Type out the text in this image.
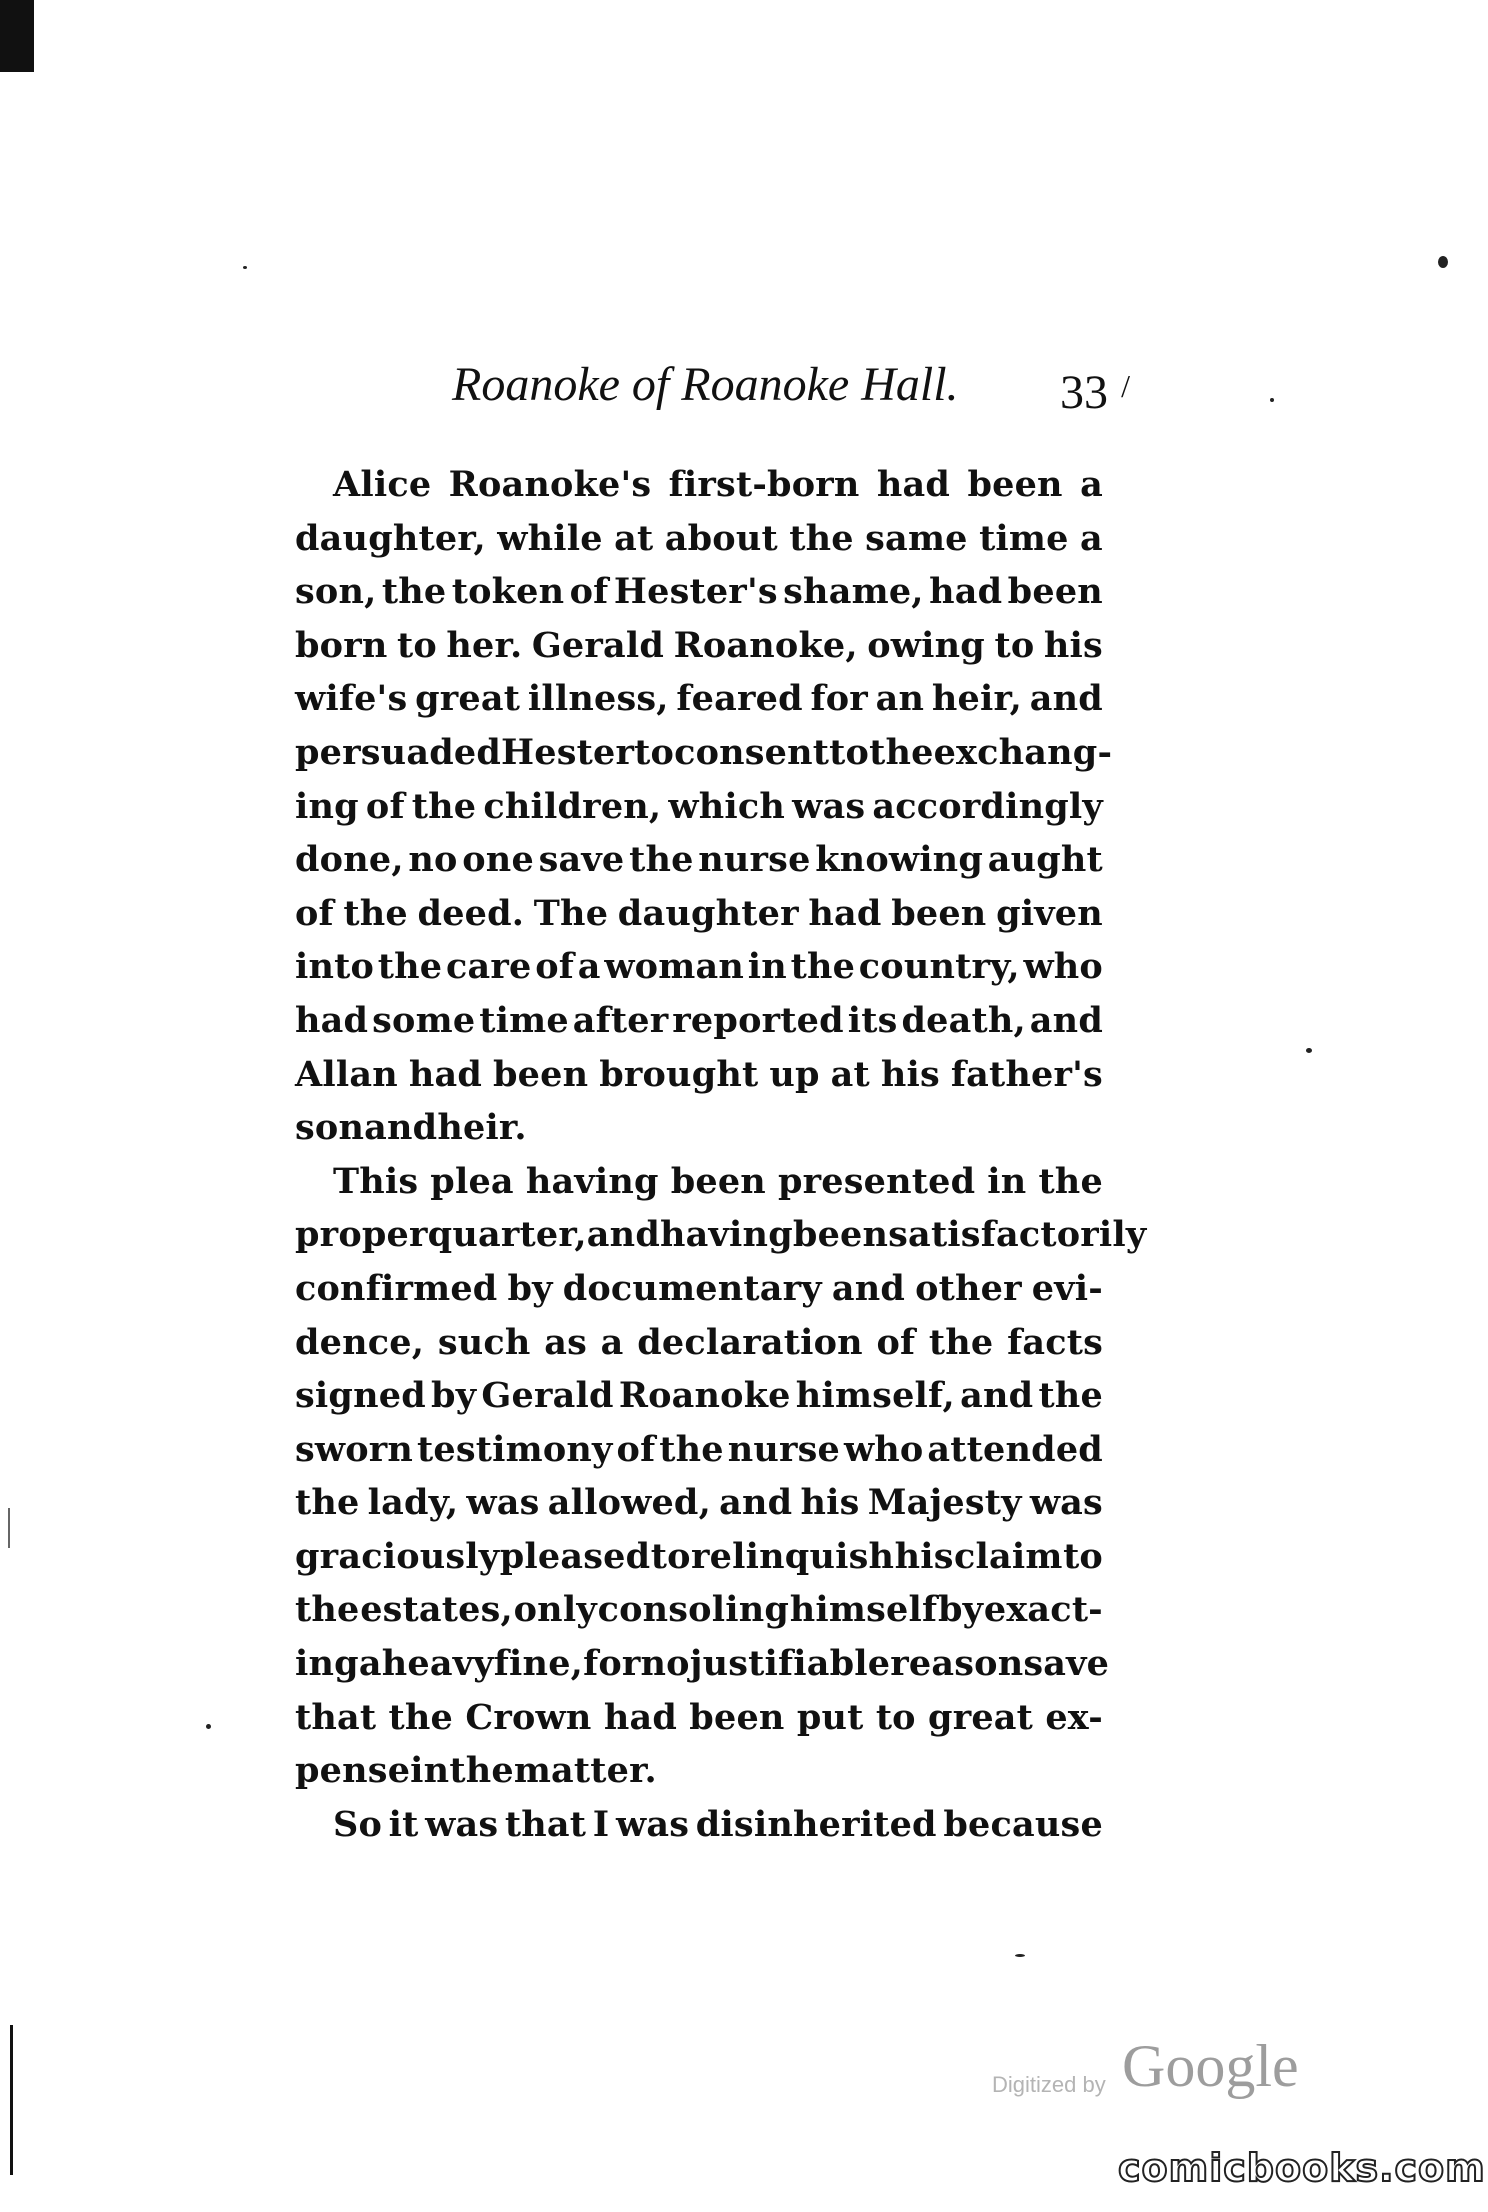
Roanoke of Roanoke Hall. 33 /
Alice Roanoke's first-born had been a
daughter, while at about the same time a
son, the token of Hester's shame, had been
born to her. Gerald Roanoke, owing to his
wife's great illness, feared for an heir, and
persuaded Hester to consent to the exchang-
ing of the children, which was accordingly
done, no one save the nurse knowing aught
of the deed. The daughter had been given
into the care of a woman in the country, who
had some time after reported its death, and
Allan had been brought up at his father's
son and heir.
This plea having been presented in the
proper quarter, and having been satisfactorily
confirmed by documentary and other evi-
dence, such as a declaration of the facts
signed by Gerald Roanoke himself, and the
sworn testimony of the nurse who attended
the lady, was allowed, and his Majesty was
graciously pleased to relinquish his claim to
the estates, only consoling himself by exact-
ing a heavy fine, for no justifiable reason save
that the Crown had been put to great ex-
pense in the matter.
So it was that I was disinherited because
Digitized by Google
comicbooks.com
